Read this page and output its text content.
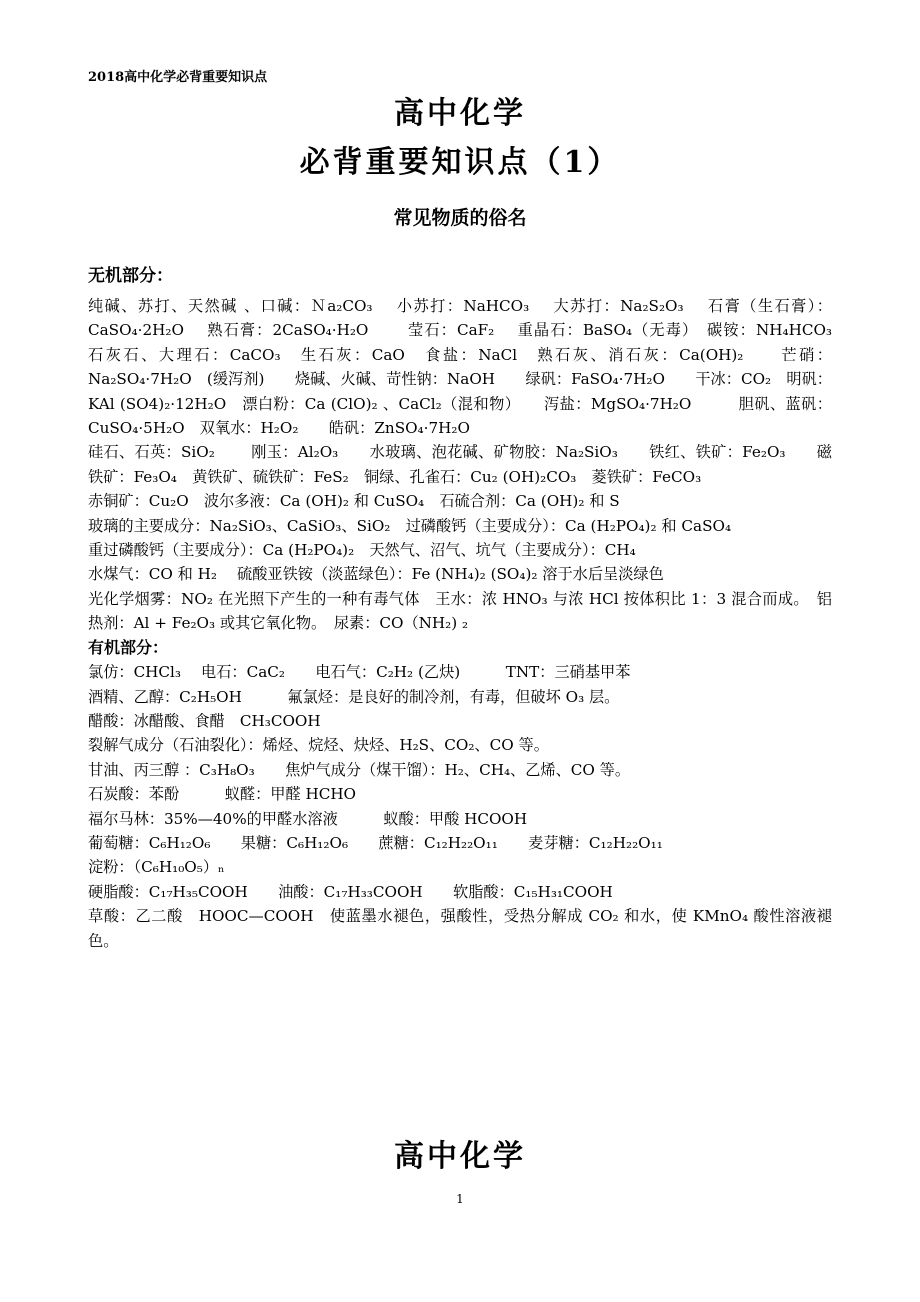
2018高中化学必背重要知识点
高中化学
必背重要知识点（1）
常见物质的俗名
无机部分：

纯碱、苏打、天然碱 、口碱：Ｎa₂CO₃　 小苏打：NaHCO₃　 大苏打：Na₂S₂O₃　 石膏（生石膏）：CaSO₄·2H₂O　 熟石膏：2CaSO₄·H₂O　　 莹石：CaF₂　 重晶石：BaSO₄（无毒）　碳铵：NH₄HCO₃　　 石灰石、大理石：CaCO₃　生石灰：CaO　食盐：NaCl　熟石灰、消石灰：Ca(OH)₂　　芒硝：Na₂SO₄·7H₂O　(缓泻剂)　　烧碱、火碱、苛性钠：NaOH　　绿矾：FaSO₄·7H₂O　　干冰：CO₂　明矾：KAl (SO4)₂·12H₂O　漂白粉：Ca (ClO)₂ 、CaCl₂（混和物）　　泻盐：MgSO₄·7H₂O　　　胆矾、蓝矾：CuSO₄·5H₂O　双氧水：H₂O₂　　皓矾：ZnSO₄·7H₂O

硅石、石英：SiO₂　　 刚玉：Al₂O₃　　水玻璃、泡花碱、矿物胶：Na₂SiO₃　　铁红、铁矿：Fe₂O₃　　磁铁矿：Fe₃O₄　黄铁矿、硫铁矿：FeS₂　铜绿、孔雀石：Cu₂ (OH)₂CO₃　菱铁矿：FeCO₃

赤铜矿：Cu₂O　波尔多液：Ca (OH)₂ 和 CuSO₄　石硫合剂：Ca (OH)₂ 和 S

玻璃的主要成分：Na₂SiO₃、CaSiO₃、SiO₂　过磷酸钙（主要成分）：Ca (H₂PO₄)₂ 和 CaSO₄

重过磷酸钙（主要成分）：Ca (H₂PO₄)₂　天然气、沼气、坑气（主要成分）：CH₄

水煤气：CO 和 H₂　 硫酸亚铁铵（淡蓝绿色）：Fe (NH₄)₂ (SO₄)₂ 溶于水后呈淡绿色

光化学烟雾：NO₂ 在光照下产生的一种有毒气体　王水：浓 HNO₃ 与浓 HCl 按体积比 1：3 混合而成。　铝热剂：Al + Fe₂O₃ 或其它氧化物。　尿素：CO（NH₂) ₂

有机部分：

氯仿：CHCl₃　 电石：CaC₂　　电石气：C₂H₂ (乙炔)　　　TNT：三硝基甲苯

酒精、乙醇：C₂H₅OH　　　氟氯烃：是良好的制冷剂，有毒，但破坏 O₃ 层。

醋酸：冰醋酸、食醋　CH₃COOH

裂解气成分（石油裂化）：烯烃、烷烃、炔烃、H₂S、CO₂、CO 等。

甘油、丙三醇 ：C₃H₈O₃　　焦炉气成分（煤干馏）：H₂、CH₄、乙烯、CO 等。

石炭酸：苯酚　　　蚁醛：甲醛 HCHO

福尔马林：35%—40%的甲醛水溶液　　　蚁酸：甲酸 HCOOH

葡萄糖：C₆H₁₂O₆　　果糖：C₆H₁₂O₆　　蔗糖：C₁₂H₂₂O₁₁　　麦芽糖：C₁₂H₂₂O₁₁

淀粉：（C₆H₁₀O₅）ₙ

硬脂酸：C₁₇H₃₅COOH　　油酸：C₁₇H₃₃COOH　　软脂酸：C₁₅H₃₁COOH

草酸：乙二酸　HOOC—COOH　使蓝墨水褪色，强酸性，受热分解成 CO₂ 和水，使 KMnO₄ 酸性溶液褪色。

高中化学
1
